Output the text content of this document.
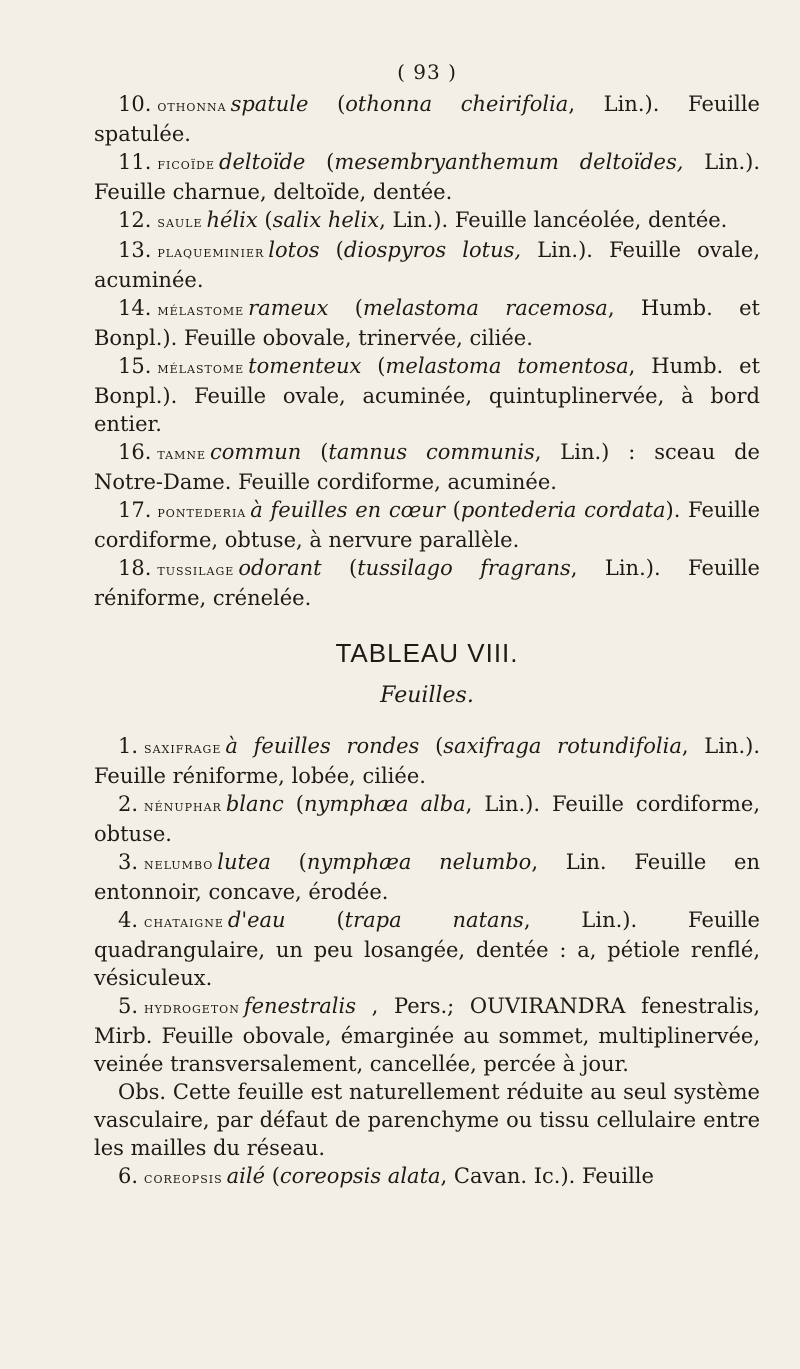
( 93 )

10. othonna spatule (othonna cheirifolia, Lin.). Feuille spatulée.

11. ficoïde deltoïde (mesembryanthemum deltoïdes, Lin.). Feuille charnue, deltoïde, dentée.

12. saule hélix (salix helix, Lin.). Feuille lancéolée, dentée.

13. plaqueminier lotos (diospyros lotus, Lin.). Feuille ovale, acuminée.

14. mélastome rameux (melastoma racemosa, Humb. et Bonpl.). Feuille obovale, trinervée, ciliée.

15. mélastome tomenteux (melastoma tomentosa, Humb. et Bonpl.). Feuille ovale, acuminée, quintuplinervée, à bord entier.

16. tamne commun (tamnus communis, Lin.) : sceau de Notre-Dame. Feuille cordiforme, acuminée.

17. pontederia à feuilles en cœur (pontederia cordata). Feuille cordiforme, obtuse, à nervure parallèle.

18. tussilage odorant (tussilago fragrans, Lin.). Feuille réniforme, crénelée.

TABLEAU VIII.
Feuilles.

1. saxifrage à feuilles rondes (saxifraga rotundifolia, Lin.). Feuille réniforme, lobée, ciliée.

2. nénuphar blanc (nymphæa alba, Lin.). Feuille cordiforme, obtuse.

3. nelumbo lutea (nymphæa nelumbo, Lin. Feuille en entonnoir, concave, érodée.

4. chataigne d'eau (trapa natans, Lin.). Feuille quadrangulaire, un peu losangée, dentée : a, pétiole renflé, vésiculeux.

5. hydrogeton fenestralis , Pers.; OUVIRANDRA fenestralis, Mirb. Feuille obovale, émarginée au sommet, multiplinervée, veinée transversalement, cancellée, percée à jour.

Obs. Cette feuille est naturellement réduite au seul système vasculaire, par défaut de parenchyme ou tissu cellulaire entre les mailles du réseau.

6. coreopsis ailé (coreopsis alata, Cavan. Ic.). Feuille
